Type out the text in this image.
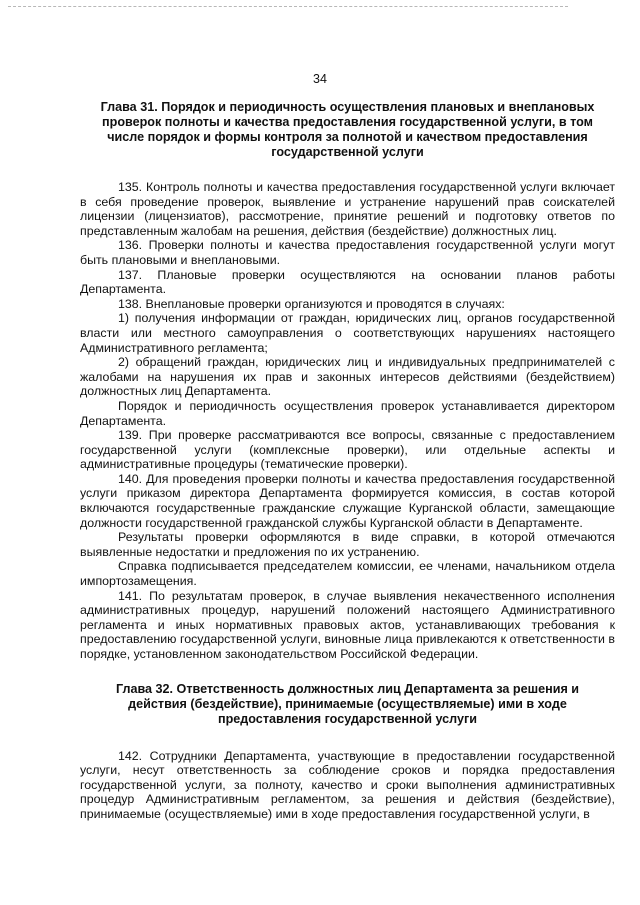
34
Глава 31. Порядок и периодичность осуществления плановых и внеплановых проверок полноты и качества предоставления государственной услуги, в том числе порядок и формы контроля за полнотой и качеством предоставления государственной услуги

135. Контроль полноты и качества предоставления государственной услуги включает в себя проведение проверок, выявление и устранение нарушений прав соискателей лицензии (лицензиатов), рассмотрение, принятие решений и подготовку ответов по представленным жалобам на решения, действия (бездействие) должностных лиц.

136. Проверки полноты и качества предоставления государственной услуги могут быть плановыми и внеплановыми.

137. Плановые проверки осуществляются на основании планов работы Департамента.

138. Внеплановые проверки организуются и проводятся в случаях:

1) получения информации от граждан, юридических лиц, органов государственной власти или местного самоуправления о соответствующих нарушениях настоящего Административного регламента;

2) обращений граждан, юридических лиц и индивидуальных предпринимателей с жалобами на нарушения их прав и законных интересов действиями (бездействием) должностных лиц Департамента.

Порядок и периодичность осуществления проверок устанавливается директором Департамента.

139. При проверке рассматриваются все вопросы, связанные с предоставлением государственной услуги (комплексные проверки), или отдельные аспекты и административные процедуры (тематические проверки).

140. Для проведения проверки полноты и качества предоставления государственной услуги приказом директора Департамента формируется комиссия, в состав которой включаются государственные гражданские служащие Курганской области, замещающие должности государственной гражданской службы Курганской области в Департаменте.

Результаты проверки оформляются в виде справки, в которой отмечаются выявленные недостатки и предложения по их устранению.

Справка подписывается председателем комиссии, ее членами, начальником отдела импортозамещения.

141. По результатам проверок, в случае выявления некачественного исполнения административных процедур, нарушений положений настоящего Административного регламента и иных нормативных правовых актов, устанавливающих требования к предоставлению государственной услуги, виновные лица привлекаются к ответственности в порядке, установленном законодательством Российской Федерации.

Глава 32. Ответственность должностных лиц Департамента за решения и действия (бездействие), принимаемые (осуществляемые) ими в ходе предоставления государственной услуги

142. Сотрудники Департамента, участвующие в предоставлении государственной услуги, несут ответственность за соблюдение сроков и порядка предоставления государственной услуги, за полноту, качество и сроки выполнения административных процедур Административным регламентом, за решения и действия (бездействие), принимаемые (осуществляемые) ими в ходе предоставления государственной услуги, в
